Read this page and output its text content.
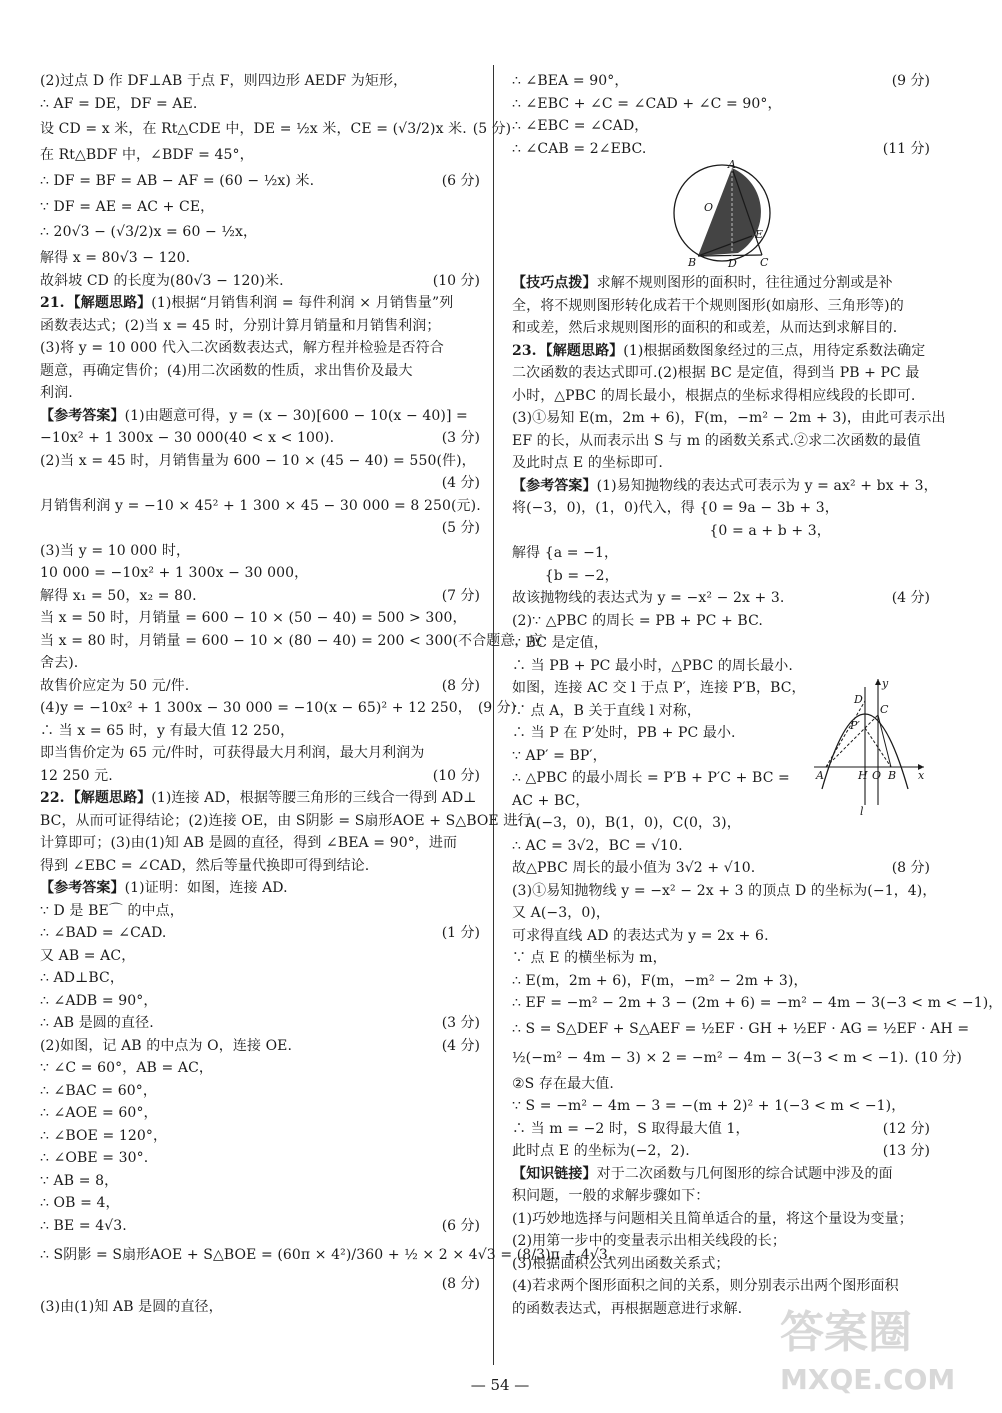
(2)过点 D 作 DF⊥AB 于点 F，则四边形 AEDF 为矩形，
∴ AF = DE，DF = AE.
设 CD = x 米，在 Rt△CDE 中，DE = ½x 米，CE = (√3/2)x 米. (5 分)
在 Rt△BDF 中，∠BDF = 45°，
∴ DF = BF = AB − AF = (60 − ½x) 米.	(6 分)
∵ DF = AE = AC + CE，
∴ 20√3 − (√3/2)x = 60 − ½x，
解得 x = 80√3 − 120.
故斜坡 CD 的长度为(80√3 − 120)米.	(10 分)
21. 【解题思路】(1)根据“月销售利润 = 每件利润 × 月销售量”列
函数表达式；(2)当 x = 45 时，分别计算月销量和月销售利润；
(3)将 y = 10 000 代入二次函数表达式，解方程并检验是否符合
题意，再确定售价；(4)用二次函数的性质，求出售价及最大
利润.
【参考答案】(1)由题意可得，y = (x − 30)[600 − 10(x − 40)] =
−10x² + 1 300x − 30 000(40 < x < 100).	(3 分)
(2)当 x = 45 时，月销售量为 600 − 10 × (45 − 40) = 550(件)，
(4 分)
月销售利润 y = −10 × 45² + 1 300 × 45 − 30 000 = 8 250(元).
(5 分)
(3)当 y = 10 000 时，
10 000 = −10x² + 1 300x − 30 000，
解得 x₁ = 50，x₂ = 80.	(7 分)
当 x = 50 时，月销量 = 600 − 10 × (50 − 40) = 500 > 300，
当 x = 80 时，月销量 = 600 − 10 × (80 − 40) = 200 < 300(不合题意，应
舍去).
故售价应定为 50 元/件.	(8 分)
(4)y = −10x² + 1 300x − 30 000 = −10(x − 65)² + 12 250， (9 分)
∴ 当 x = 65 时，y 有最大值 12 250，
即当售价定为 65 元/件时，可获得最大月利润，最大月利润为
12 250 元.	(10 分)
22. 【解题思路】(1)连接 AD，根据等腰三角形的三线合一得到 AD⊥
BC，从而可证得结论；(2)连接 OE，由 S阴影 = S扇形AOE + S△BOE 进行
计算即可；(3)由(1)知 AB 是圆的直径，得到 ∠BEA = 90°，进而
得到 ∠EBC = ∠CAD，然后等量代换即可得到结论.
【参考答案】(1)证明：如图，连接 AD.
∵ D 是 BE⌒ 的中点，
∴ ∠BAD = ∠CAD.	(1 分)
又 AB = AC，
∴ AD⊥BC，
∴ ∠ADB = 90°，
∴ AB 是圆的直径.	(3 分)
(2)如图，记 AB 的中点为 O，连接 OE.	(4 分)
∵ ∠C = 60°，AB = AC，
∴ ∠BAC = 60°，
∴ ∠AOE = 60°，
∴ ∠BOE = 120°，
∴ ∠OBE = 30°.
∵ AB = 8，
∴ OB = 4，
∴ BE = 4√3.	(6 分)
∴ S阴影 = S扇形AOE + S△BOE = (60π × 4²)/360 + ½ × 2 × 4√3 = (8/3)π + 4√3.
(8 分)
(3)由(1)知 AB 是圆的直径，
∴ ∠BEA = 90°，	(9 分)
∴ ∠EBC + ∠C = ∠CAD + ∠C = 90°，
∴ ∠EBC = ∠CAD，
∴ ∠CAB = 2∠EBC.	(11 分)
A
O
E
B	D C
【技巧点拨】求解不规则图形的面积时，往往通过分割或是补
全，将不规则图形转化成若干个规则图形(如扇形、三角形等)的
和或差，然后求规则图形的面积的和或差，从而达到求解目的.
23. 【解题思路】(1)根据函数图象经过的三点，用待定系数法确定
二次函数的表达式即可.(2)根据 BC 是定值，得到当 PB + PC 最
小时，△PBC 的周长最小，根据点的坐标求得相应线段的长即可.
(3)①易知 E(m，2m + 6)，F(m，−m² − 2m + 3)，由此可表示出
EF 的长，从而表示出 S 与 m 的函数关系式.②求二次函数的最值
及此时点 E 的坐标即可.
【参考答案】(1)易知抛物线的表达式可表示为 y = ax² + bx + 3，
将(−3，0)，(1，0)代入，得 {0 = 9a − 3b + 3，
　　　　　　　　　　　　　　{0 = a + b + 3，
解得 {a = −1，
　　 {b = −2，
故该抛物线的表达式为 y = −x² − 2x + 3.	(4 分)
(2)∵ △PBC 的周长 = PB + PC + BC.
∵ BC 是定值，
∴ 当 PB + PC 最小时，△PBC 的周长最小.
如图，连接 AC 交 l 于点 P′，连接 P′B，BC，
∵ 点 A，B 关于直线 l 对称，
∴ 当 P 在 P′处时，PB + PC 最小.
∵ AP′ = BP′，
∴ △PBC 的最小周长 = P′B + P′C + BC =
AC + BC，
∵ A(−3，0)，B(1，0)，C(0，3)，
∴ AC = 3√2，BC = √10.
y
D
C
P′
A	H O B x
l
故△PBC 周长的最小值为 3√2 + √10.	(8 分)
(3)①易知抛物线 y = −x² − 2x + 3 的顶点 D 的坐标为(−1，4)，
又 A(−3，0)，
可求得直线 AD 的表达式为 y = 2x + 6.
∵ 点 E 的横坐标为 m，
∴ E(m，2m + 6)，F(m，−m² − 2m + 3)，
∴ EF = −m² − 2m + 3 − (2m + 6) = −m² − 4m − 3(−3 < m < −1)，
∴ S = S△DEF + S△AEF = ½EF · GH + ½EF · AG = ½EF · AH =
½(−m² − 4m − 3) × 2 = −m² − 4m − 3(−3 < m < −1). (10 分)
②S 存在最大值.
∵ S = −m² − 4m − 3 = −(m + 2)² + 1(−3 < m < −1)，
∴ 当 m = −2 时，S 取得最大值 1，	(12 分)
此时点 E 的坐标为(−2，2).	(13 分)
【知识链接】对于二次函数与几何图形的综合试题中涉及的面
积问题，一般的求解步骤如下：
(1)巧妙地选择与问题相关且简单适合的量，将这个量设为变量；
(2)用第一步中的变量表示出相关线段的长；
(3)根据面积公式列出函数关系式；
(4)若求两个图形面积之间的关系，则分别表示出两个图形面积
的函数表达式，再根据题意进行求解.
— 54 —
答案圈
MXQE.COM
